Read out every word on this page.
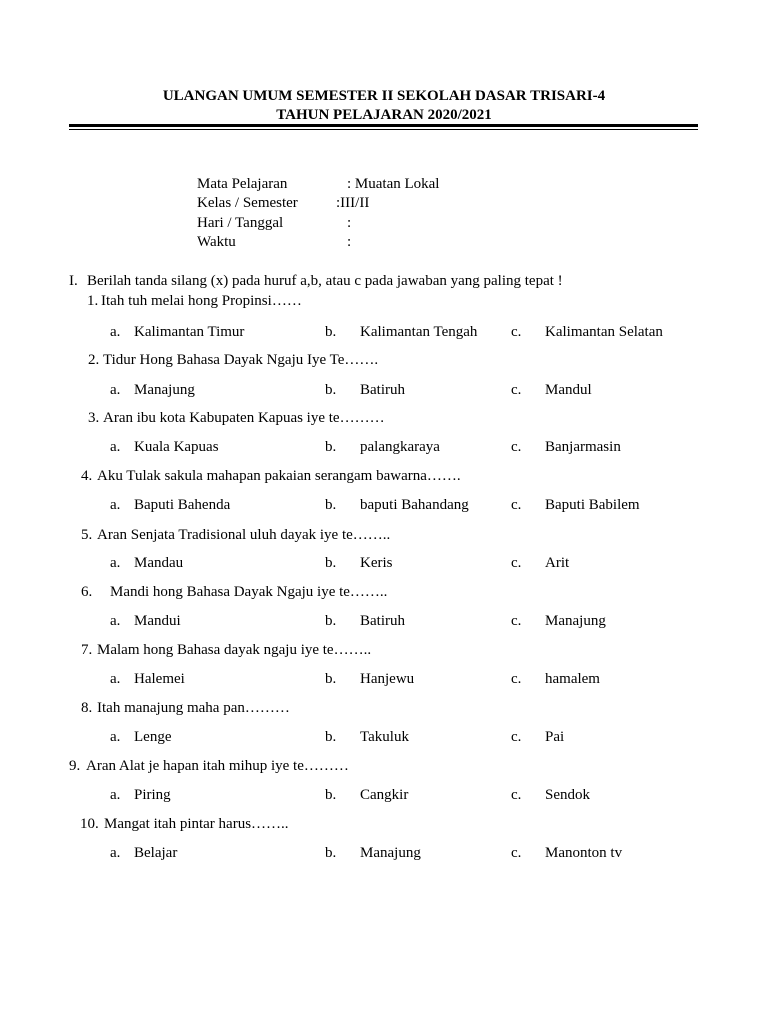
ULANGAN UMUM SEMESTER II SEKOLAH DASAR TRISARI-4
TAHUN PELAJARAN 2020/2021
Mata Pelajaran	: Muatan Lokal
Kelas / Semester	:III/II
Hari / Tanggal	:
Waktu	:
I. Berilah tanda silang (x) pada huruf a,b, atau c pada jawaban yang paling tepat !
1. Itah tuh melai hong Propinsi……
a. Kalimantan Timur	b. Kalimantan Tengah c. Kalimantan Selatan
2. Tidur Hong Bahasa Dayak Ngaju Iye Te…….
a. Manajung	b. Batiruh	c. Mandul
3. Aran ibu kota Kabupaten Kapuas iye te………
a. Kuala Kapuas	b. palangkaraya	c. Banjarmasin
4. Aku Tulak sakula mahapan pakaian serangam bawarna…….
a. Baputi Bahenda	b. baputi Bahandang	c. Baputi Babilem
5. Aran Senjata Tradisional uluh dayak iye te……..
a. Mandau	b. Keris	c. Arit
6. Mandi hong Bahasa Dayak Ngaju iye te……..
a. Mandui	b. Batiruh	c. Manajung
7. Malam hong Bahasa dayak ngaju iye te……..
a. Halemei	b. Hanjewu	c. hamalem
8. Itah manajung maha pan………
a. Lenge	b. Takuluk	c. Pai
9. Aran Alat je hapan itah mihup iye te………
a. Piring	b. Cangkir	c. Sendok
10. Mangat itah pintar harus……..
a. Belajar	b. Manajung	c. Manonton tv
